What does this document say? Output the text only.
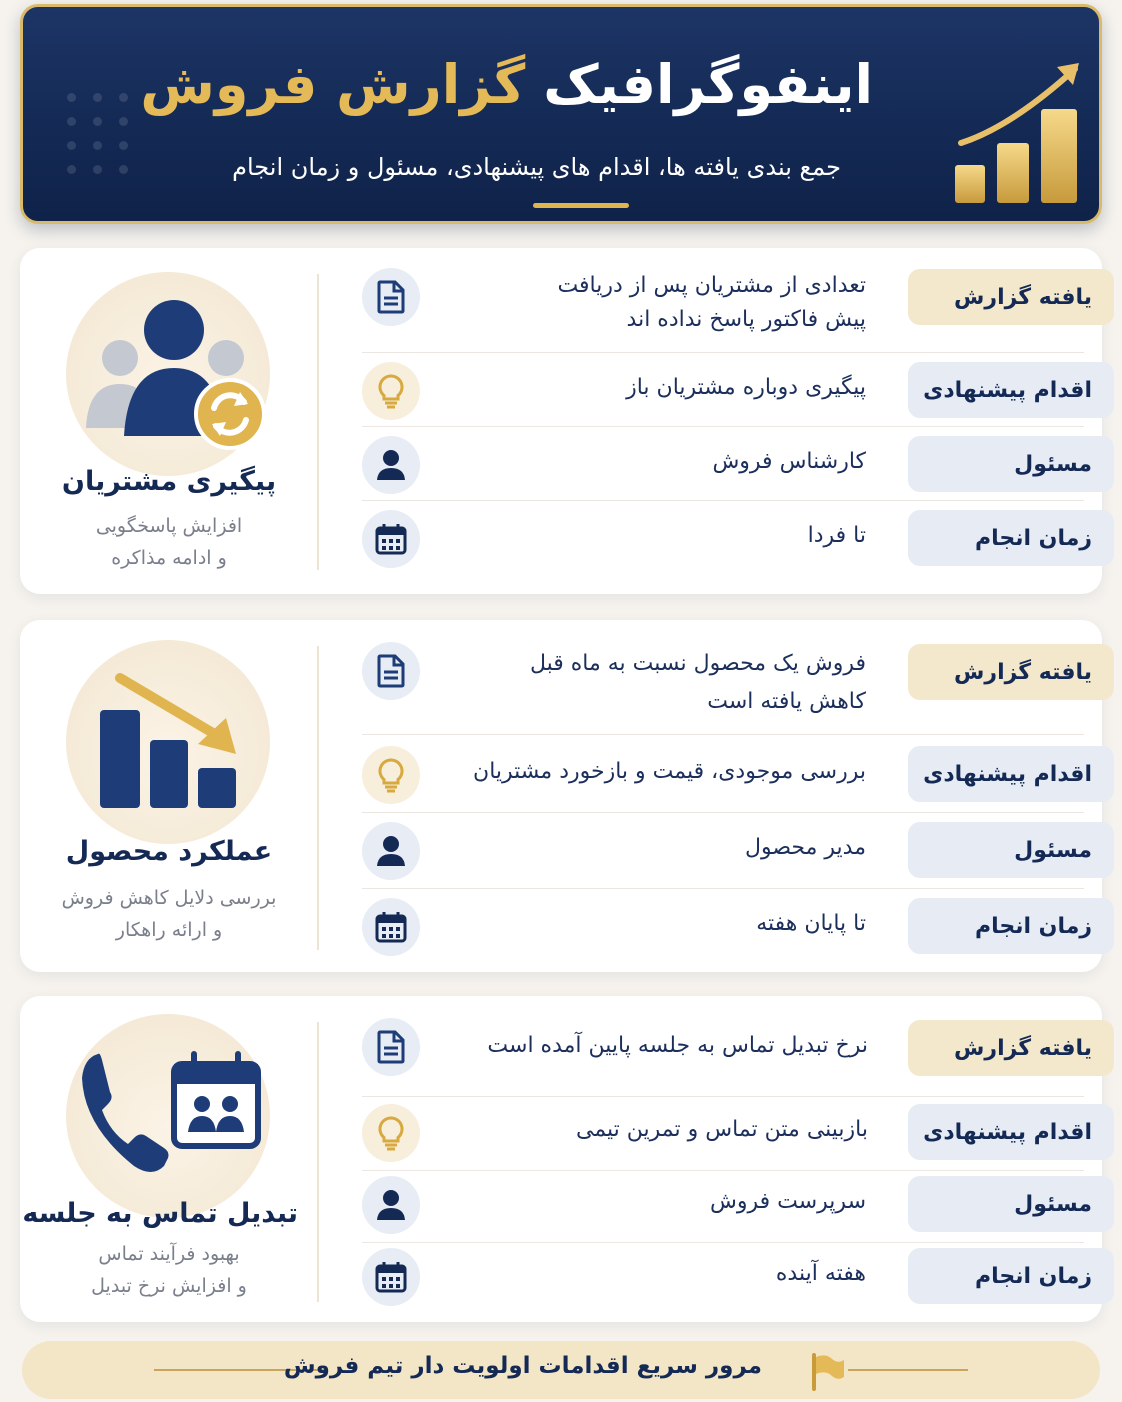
اینفوگرافیک
گزارش فروش
جمع بندی یافته ها، اقدام های پیشنهادی، مسئول و زمان انجام
پیگیری مشتریان
افزایش پاسخگویی
و ادامه مذاکره
یافته گزارش
تعدادی از مشتریان پس از دریافت
پیش فاکتور پاسخ نداده اند
اقدام پیشنهادی
پیگیری دوباره مشتریان باز
مسئول
کارشناس فروش
زمان انجام
تا فردا
عملکرد محصول
بررسی دلایل کاهش فروش
و ارائه راهکار
یافته گزارش
فروش یک محصول نسبت به ماه قبل
کاهش یافته است
اقدام پیشنهادی
بررسی موجودی، قیمت و بازخورد مشتریان
مسئول
مدیر محصول
زمان انجام
تا پایان هفته
تبدیل تماس به جلسه
بهبود فرآیند تماس
و افزایش نرخ تبدیل
یافته گزارش
نرخ تبدیل تماس به جلسه پایین آمده است
اقدام پیشنهادی
بازبینی متن تماس و تمرین تیمی
مسئول
سرپرست فروش
زمان انجام
هفته آینده
مرور سریع اقدامات اولویت دار تیم فروش
